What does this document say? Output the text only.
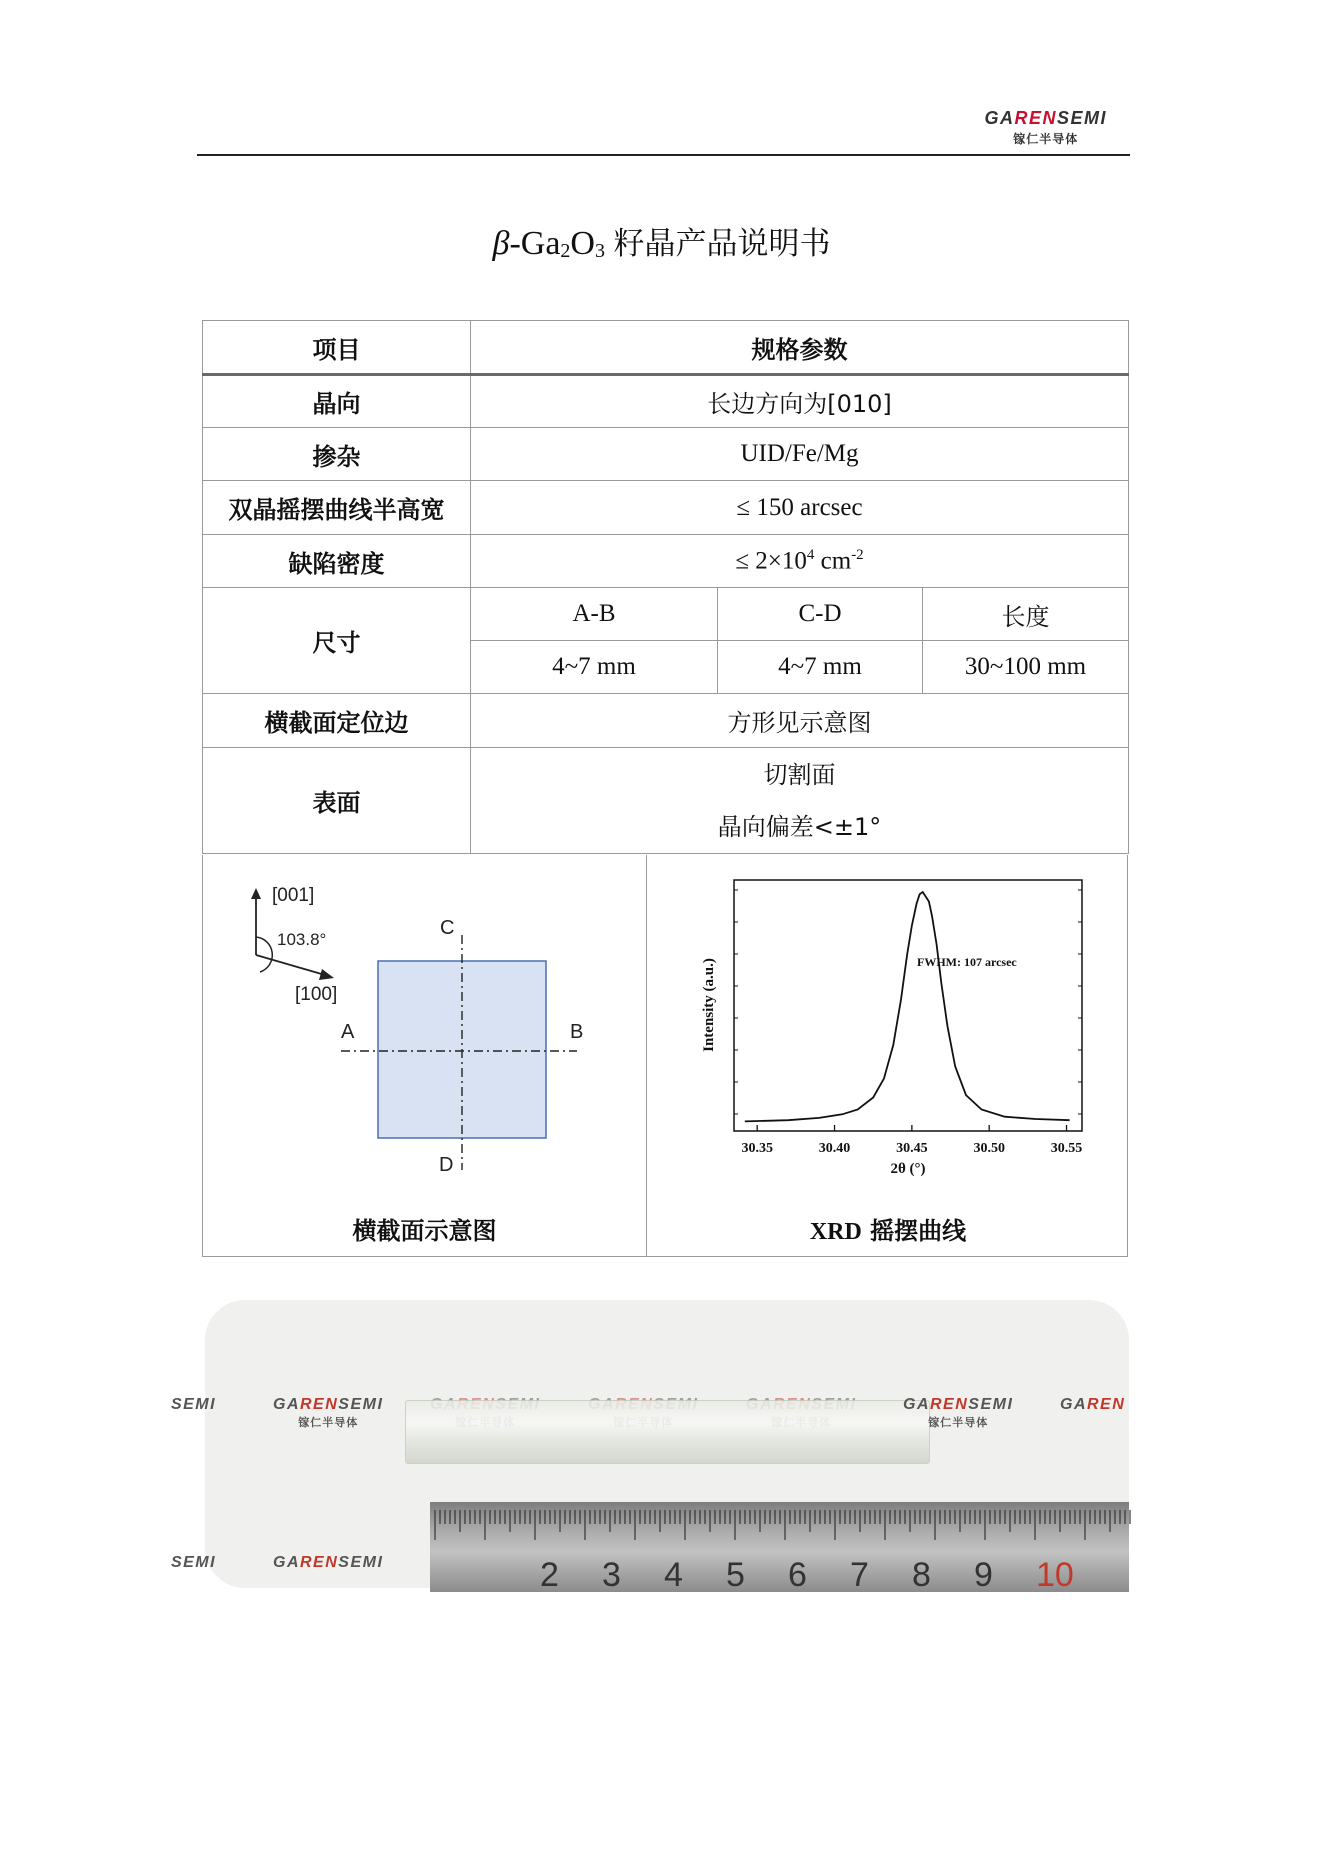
GARENSEMI
镓仁半导体
$\beta-Ga_2O_3$ 籽晶产品说明书
项目	规格参数		
晶向	长边方向为[010]		
掺杂	UID/Fe/Mg		
双晶摇摆曲线半高宽	≤ 150 arcsec		
缺陷密度	≤ $2\times 10^4$ $cm^{-2}$
尺寸	A-B	C-D	长度
	4~7 mm	4~7 mm	30~100 mm
横截面定位边	方形见示意图		
表面	切割面
晶向偏差<±1°		
[001]
103.8°
[100]
A	B
C
D
横截面示意图
30.35	30.40	30.45	30.50	30.55
FWHM: 107 arcsec
2θ (°)
Intensity (a.u.)
XRD 摇摆曲线
SEMI	GARENSEMI
镓仁半导体
GARENSEMI
镓仁半导体
GAREN
SEMI	GARENSEMI	2 3 4 5 6 7 8 9 10
